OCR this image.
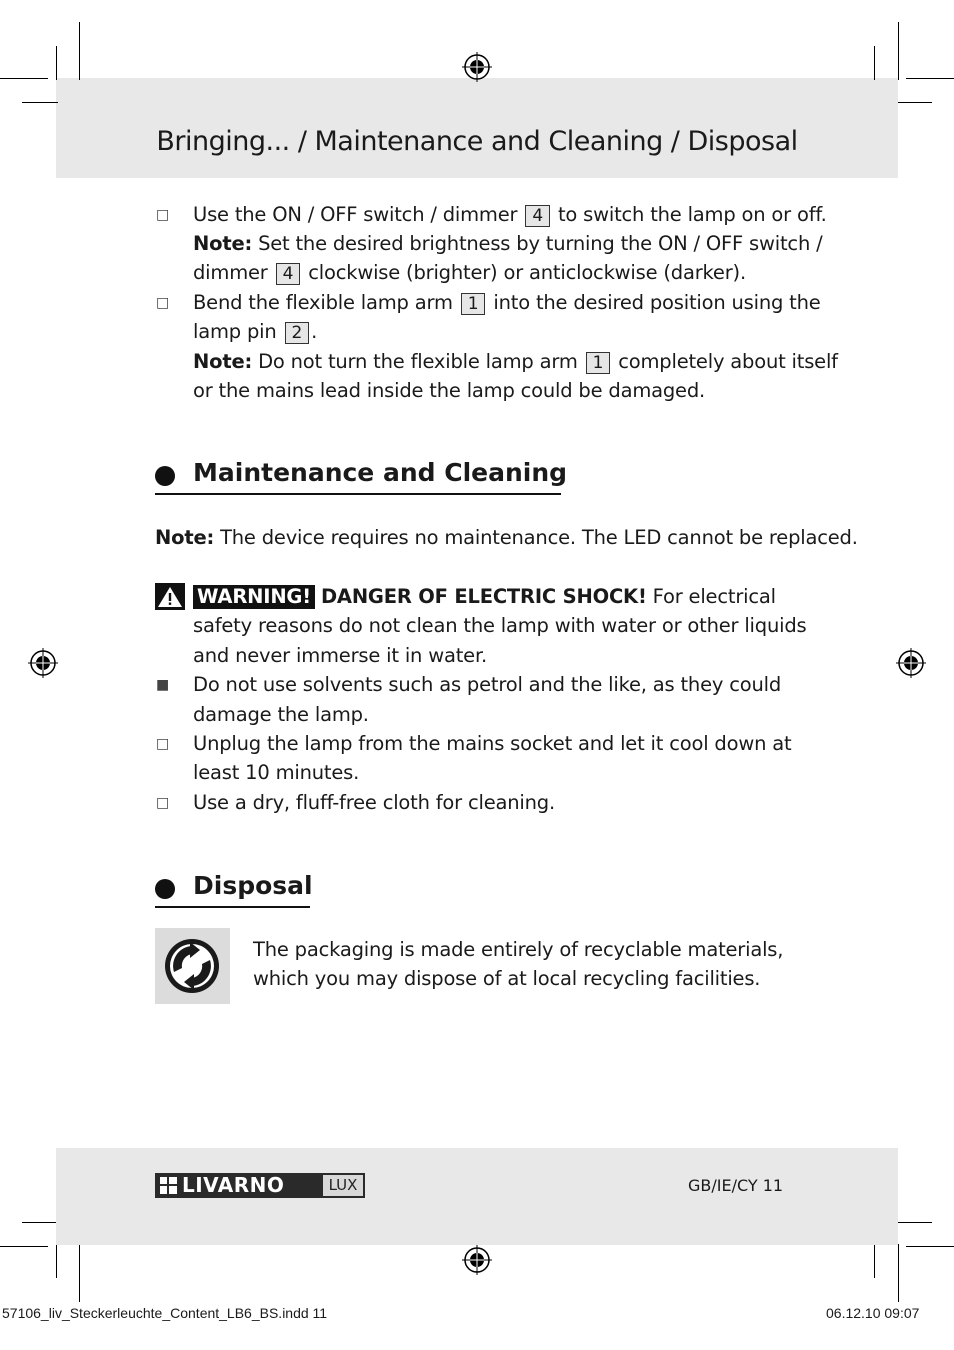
Bringing... / Maintenance and Cleaning / Disposal
□ Use the ON / OFF switch / dimmer 4 to switch the lamp on or off.
Note: Set the desired brightness by turning the ON / OFF switch /
dimmer 4 clockwise (brighter) or anticlockwise (darker).
□ Bend the flexible lamp arm 1 into the desired position using the
lamp pin 2 .
Note: Do not turn the flexible lamp arm 1 completely about itself
or the mains lead inside the lamp could be damaged.
Maintenance and Cleaning
Note: The device requires no maintenance. The LED cannot be replaced.
WARNING! DANGER OF ELECTRIC SHOCK! For electrical
safety reasons do not clean the lamp with water or other liquids
and never immerse it in water.
■ Do not use solvents such as petrol and the like, as they could
damage the lamp.
□ Unplug the lamp from the mains socket and let it cool down at
least 10 minutes.
□ Use a dry, fluff-free cloth for cleaning.
Disposal
The packaging is made entirely of recyclable materials,
which you may dispose of at local recycling facilities.
LIVARNO	LUX	GB/IE/CY 11
57106_liv_Steckerleuchte_Content_LB6_BS.indd 11	06.12.10 09:07
